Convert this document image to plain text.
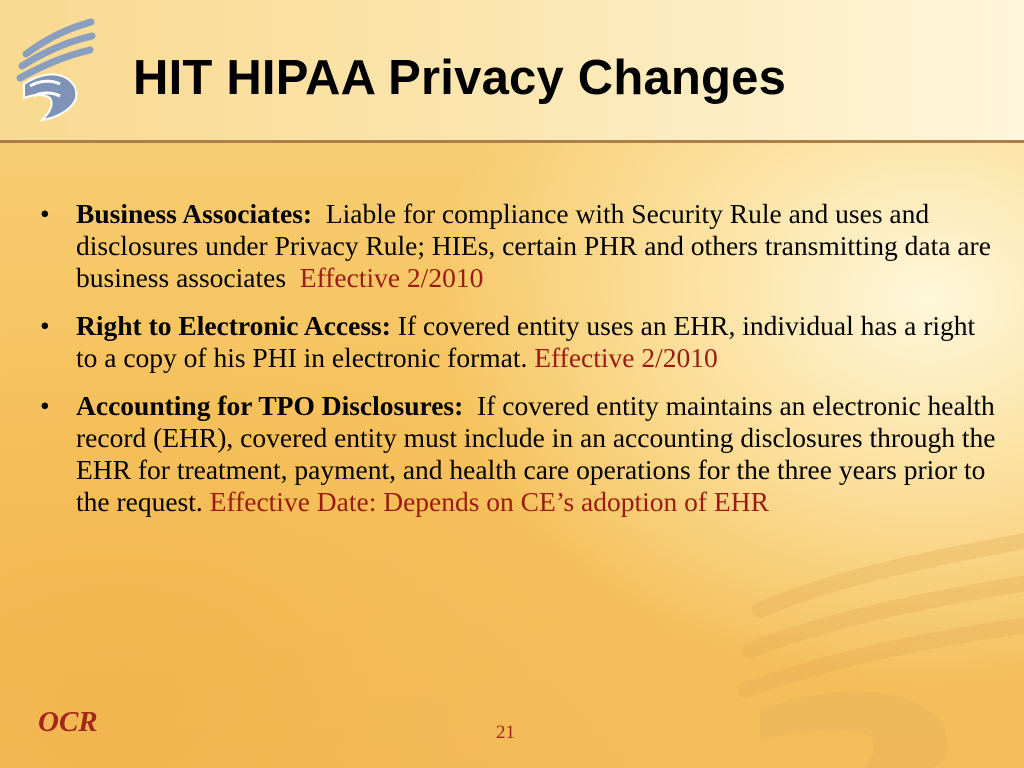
HIT HIPAA Privacy Changes
• Business Associates:  Liable for compliance with Security Rule and uses and disclosures under Privacy Rule; HIEs, certain PHR and others transmitting data are business associates  Effective 2/2010
• Right to Electronic Access: If covered entity uses an EHR, individual has a right to a copy of his PHI in electronic format. Effective 2/2010
• Accounting for TPO Disclosures:  If covered entity maintains an electronic health record (EHR), covered entity must include in an accounting disclosures through the EHR for treatment, payment, and health care operations for the three years prior to the request. Effective Date: Depends on CE’s adoption of EHR
OCR	21
